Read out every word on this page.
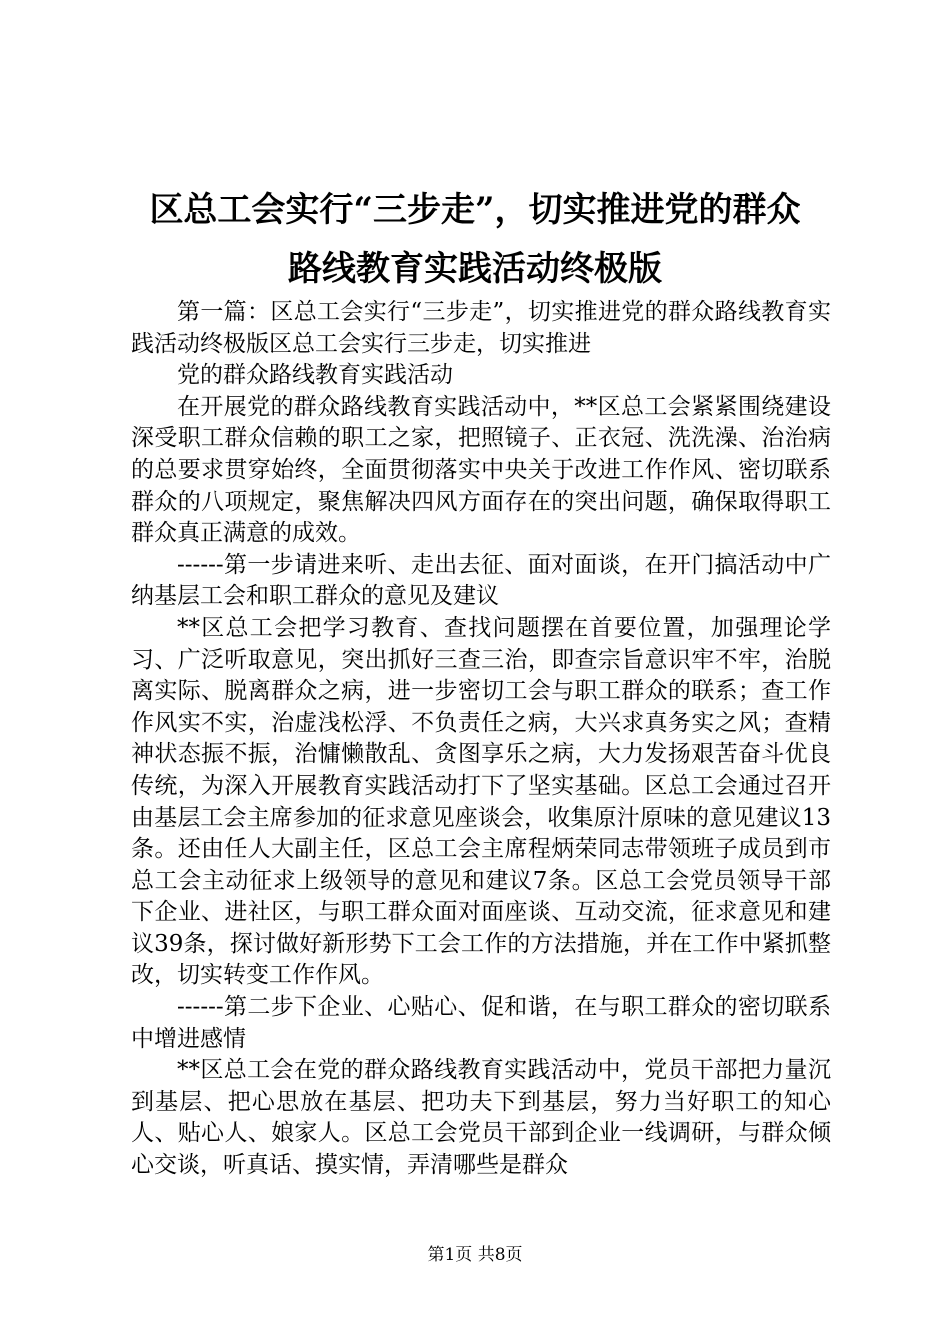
区总工会实行“三步走”，切实推进党的群众
路线教育实践活动终极版

第一篇：区总工会实行“三步走”，切实推进党的群众路线教育实践活动终极版区总工会实行三步走，切实推进

党的群众路线教育实践活动

在开展党的群众路线教育实践活动中，**区总工会紧紧围绕建设深受职工群众信赖的职工之家，把照镜子、正衣冠、洗洗澡、治治病的总要求贯穿始终，全面贯彻落实中央关于改进工作作风、密切联系群众的八项规定，聚焦解决四风方面存在的突出问题，确保取得职工群众真正满意的成效。

------第一步请进来听、走出去征、面对面谈，在开门搞活动中广纳基层工会和职工群众的意见及建议

**区总工会把学习教育、查找问题摆在首要位置，加强理论学习、广泛听取意见，突出抓好三查三治，即查宗旨意识牢不牢，治脱离实际、脱离群众之病，进一步密切工会与职工群众的联系；查工作作风实不实，治虚浅松浮、不负责任之病，大兴求真务实之风；查精神状态振不振，治慵懒散乱、贪图享乐之病，大力发扬艰苦奋斗优良传统，为深入开展教育实践活动打下了坚实基础。区总工会通过召开由基层工会主席参加的征求意见座谈会，收集原汁原味的意见建议13条。还由任人大副主任，区总工会主席程炳荣同志带领班子成员到市总工会主动征求上级领导的意见和建议7条。区总工会党员领导干部下企业、进社区，与职工群众面对面座谈、互动交流，征求意见和建议39条，探讨做好新形势下工会工作的方法措施，并在工作中紧抓整改，切实转变工作作风。

------第二步下企业、心贴心、促和谐，在与职工群众的密切联系中增进感情

**区总工会在党的群众路线教育实践活动中，党员干部把力量沉到基层、把心思放在基层、把功夫下到基层，努力当好职工的知心人、贴心人、娘家人。区总工会党员干部到企业一线调研，与群众倾心交谈，听真话、摸实情，弄清哪些是群众

第1页 共8页
